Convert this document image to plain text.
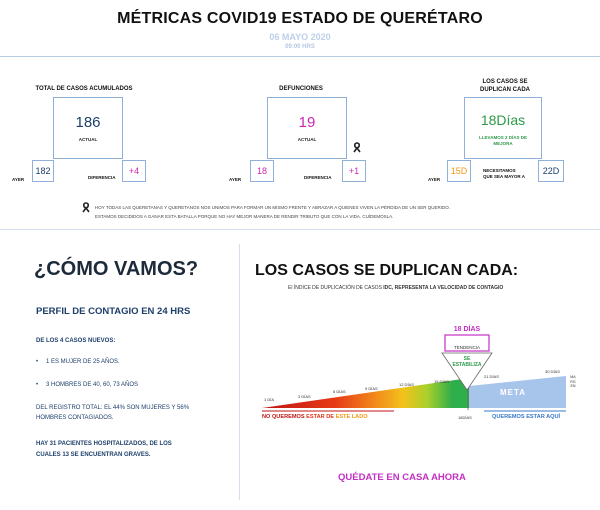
MÉTRICAS COVID19 ESTADO DE QUERÉTARO
06 MAYO 2020
09:00 HRS
TOTAL DE CASOS ACUMULADOS
186
ACTUAL
AYER
182
DIFERENCIA
+4
DEFUNCIONES
19
ACTUAL
AYER
18
DIFERENCIA
+1
LOS CASOS SE
DUPLICAN CADA
18Días
LLEVAMOS 2 DÍAS DE
MEJORA
AYER
15D	NECESITAMOS
QUE SEA MAYOR A
22D
HOY TODAS LAS QUERETANAS Y QUERETANOS NOS UNIMOS PARA FORMAR UN MISMO FRENTE Y ABRAZAR A QUIENES VIVEN LA PÉRDIDA DE UN SER QUERIDO.
ESTAMOS DECIDIDOS A GANAR ESTA BATALLA PORQUE NO HAY MEJOR MANERA DE RENDIR TRIBUTO QUE CON LA VIDA. CUÍDEMOSLA.
¿CÓMO VAMOS?
PERFIL DE CONTAGIO EN 24 HRS
DE LOS 4 CASOS NUEVOS:
• 1 ES MUJER DE 25 AÑOS.
• 3 HOMBRES DE 40, 60, 73 AÑOS
DEL REGISTRO TOTAL: EL 44% SON MUJERES Y 56%
HOMBRES CONTAGIADOS.
HAY 31 PACIENTES HOSPITALIZADOS, DE LOS
CUALES 13 SE ENCUENTRAN GRAVES.
LOS CASOS SE DUPLICAN CADA:
El ÍNDICE DE DUPLICACIÓN DE CASOS IDC, REPRESENTA LA VELOCIDAD DE CONTAGIO
18 DÍAS
TENDENCIA
SE
ESTABILIZA
1 DÍA
3 DÍAS
6 DÍAS
9 DÍAS
12 DÍAS
15 DÍAS
21 DÍAS
30 DÍAS
META
MARGEN
18DÍAS
NO QUEREMOS ESTAR DE ESTE LADO	QUEREMOS ESTAR AQUÍ
QUÉDATE EN CASA AHORA
